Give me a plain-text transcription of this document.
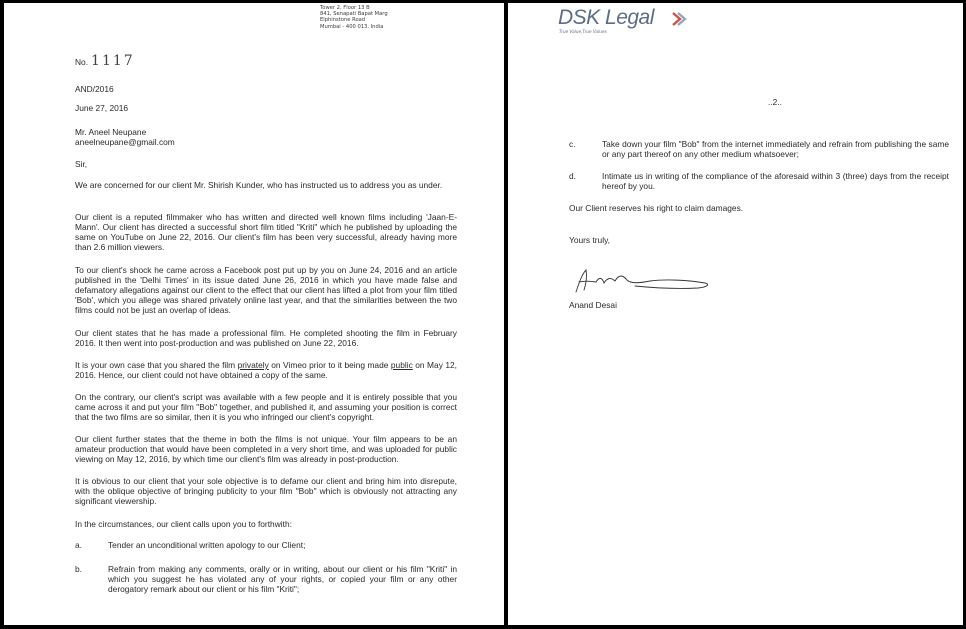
Tower 2, Floor 13 B
841, Senapati Bapat Marg
Elphinstone Road
Mumbai - 400 013. India
No. 1117
AND/2016
June 27, 2016
Mr. Aneel Neupane
aneelneupane@gmail.com
Sir,

We are concerned for our client Mr. Shirish Kunder, who has instructed us to address you as under.

Our client is a reputed filmmaker who has written and directed well known films including 'Jaan-E-Mann'. Our client has directed a successful short film titled "Kriti" which he published by uploading the same on YouTube on June 22, 2016. Our client's film has been very successful, already having more than 2.6 million viewers.

To our client's shock he came across a Facebook post put up by you on June 24, 2016 and an article published in the 'Delhi Times' in its issue dated June 26, 2016 in which you have made false and defamatory allegations against our client to the effect that our client has lifted a plot from your film titled 'Bob', which you allege was shared privately online last year, and that the similarities between the two films could not be just an overlap of ideas.

Our client states that he has made a professional film. He completed shooting the film in February 2016. It then went into post-production and was published on June 22, 2016.

It is your own case that you shared the film privately on Vimeo prior to it being made public on May 12, 2016. Hence, our client could not have obtained a copy of the same.

On the contrary, our client's script was available with a few people and it is entirely possible that you came across it and put your film "Bob" together, and published it, and assuming your position is correct that the two films are so similar, then it is you who infringed our client's copyright.

Our client further states that the theme in both the films is not unique. Your film appears to be an amateur production that would have been completed in a very short time, and was uploaded for public viewing on May 12, 2016, by which time our client's film was already in post-production.

It is obvious to our client that your sole objective is to defame our client and bring him into disrepute, with the oblique objective of bringing publicity to your film "Bob" which is obviously not attracting any significant viewership.

In the circumstances, our client calls upon you to forthwith:

a.	Tender an unconditional written apology to our Client;

b.	Refrain from making any comments, orally or in writing, about our client or his film "Kriti" in which you suggest he has violated any of your rights, or copied your film or any other derogatory remark about our client or his film "Kriti";

DSK Legal
True Value,True Values
..2..
c.	Take down your film "Bob" from the internet immediately and refrain from publishing the same or any part thereof on any other medium whatsoever;

d.	Intimate us in writing of the compliance of the aforesaid within 3 (three) days from the receipt hereof by you.

Our Client reserves his right to claim damages.
Yours truly,
Anand Desai
